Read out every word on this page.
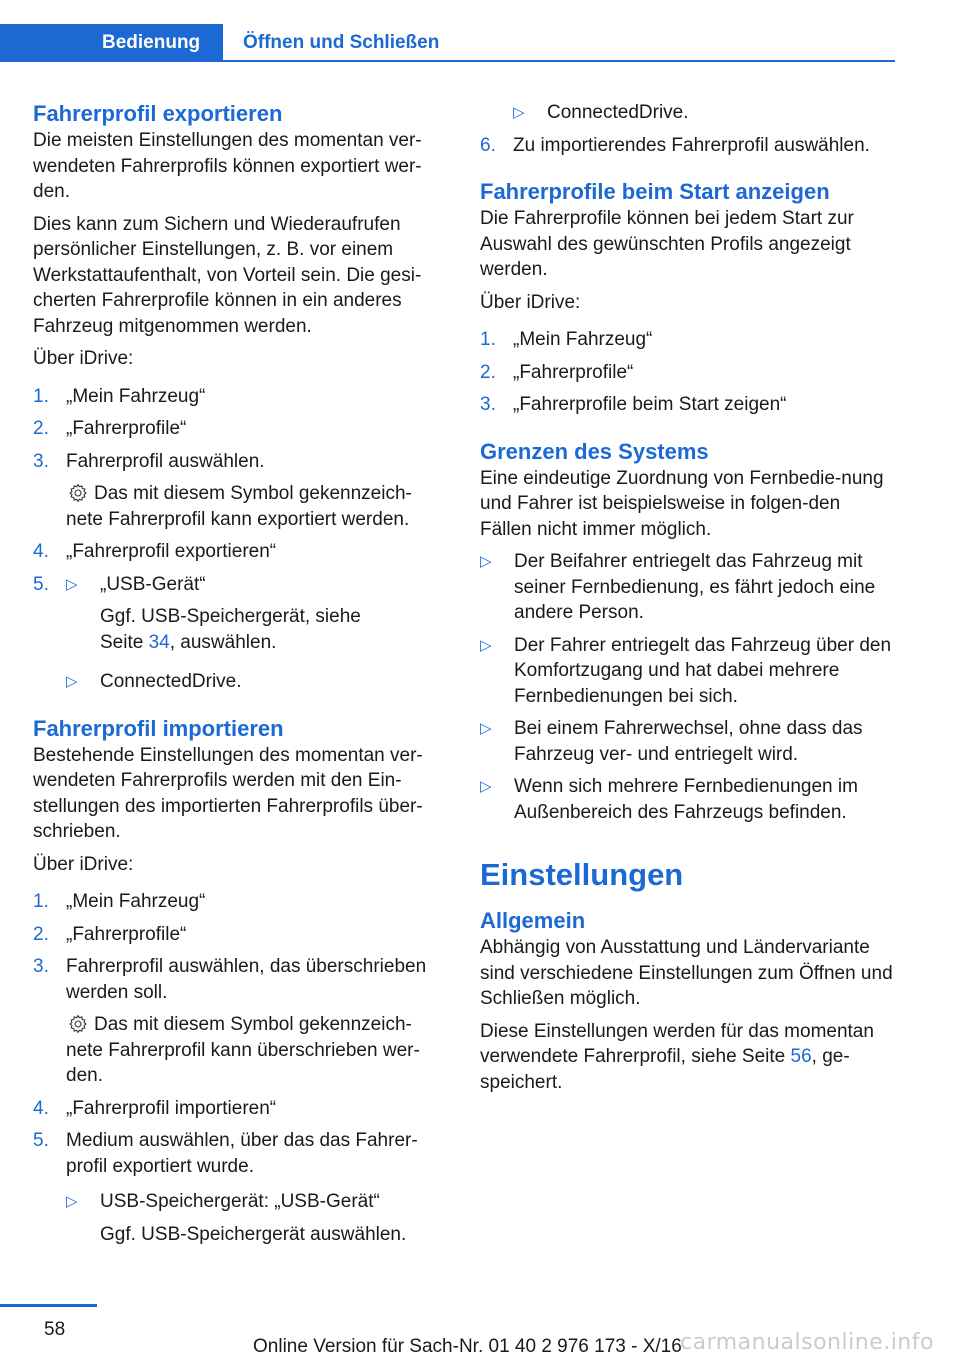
Bedienung	Öffnen und Schließen
Fahrerprofil exportieren

Die meisten Einstellungen des momentan ver‐wendeten Fahrerprofils können exportiert wer‐den.

Dies kann zum Sichern und Wiederaufrufen persönlicher Einstellungen, z. B. vor einem Werkstattaufenthalt, von Vorteil sein. Die gesi‐cherten Fahrerprofile können in ein anderes Fahrzeug mitgenommen werden.

Über iDrive:

1. „Mein Fahrzeug“
2. „Fahrerprofile“
3. Fahrerprofil auswählen.
Das mit diesem Symbol gekennzeich‐nete Fahrerprofil kann exportiert werden.
4. „Fahrerprofil exportieren“
5. ▷ „USB-Gerät“
Ggf. USB-Speichergerät, siehe
Seite 34, auswählen.
▷ ConnectedDrive.
Fahrerprofil importieren

Bestehende Einstellungen des momentan ver‐wendeten Fahrerprofils werden mit den Ein‐stellungen des importierten Fahrerprofils über‐schrieben.

Über iDrive:

1. „Mein Fahrzeug“
2. „Fahrerprofile“
3. Fahrerprofil auswählen, das überschrieben werden soll.
Das mit diesem Symbol gekennzeich‐nete Fahrerprofil kann überschrieben wer‐den.
4. „Fahrerprofil importieren“
5. Medium auswählen, über das das Fahrer‐profil exportiert wurde.
▷ USB-Speichergerät: „USB-Gerät“
Ggf. USB-Speichergerät auswählen.
▷ ConnectedDrive.
6. Zu importierendes Fahrerprofil auswählen.
Fahrerprofile beim Start anzeigen

Die Fahrerprofile können bei jedem Start zur Auswahl des gewünschten Profils angezeigt werden.

Über iDrive:

1. „Mein Fahrzeug“
2. „Fahrerprofile“
3. „Fahrerprofile beim Start zeigen“
Grenzen des Systems

Eine eindeutige Zuordnung von Fernbedie‐nung und Fahrer ist beispielsweise in folgen‐den Fällen nicht immer möglich.

▷ Der Beifahrer entriegelt das Fahrzeug mit seiner Fernbedienung, es fährt jedoch eine andere Person.
▷ Der Fahrer entriegelt das Fahrzeug über den Komfortzugang und hat dabei mehrere Fernbedienungen bei sich.
▷ Bei einem Fahrerwechsel, ohne dass das Fahrzeug ver- und entriegelt wird.
▷ Wenn sich mehrere Fernbedienungen im Außenbereich des Fahrzeugs befinden.
Einstellungen
Allgemein

Abhängig von Ausstattung und Ländervariante sind verschiedene Einstellungen zum Öffnen und Schließen möglich.

Diese Einstellungen werden für das momentan verwendete Fahrerprofil, siehe Seite 56, ge‐speichert.

58
Online Version für Sach-Nr. 01 40 2 976 173 - X/16
carmanualsonline.info
